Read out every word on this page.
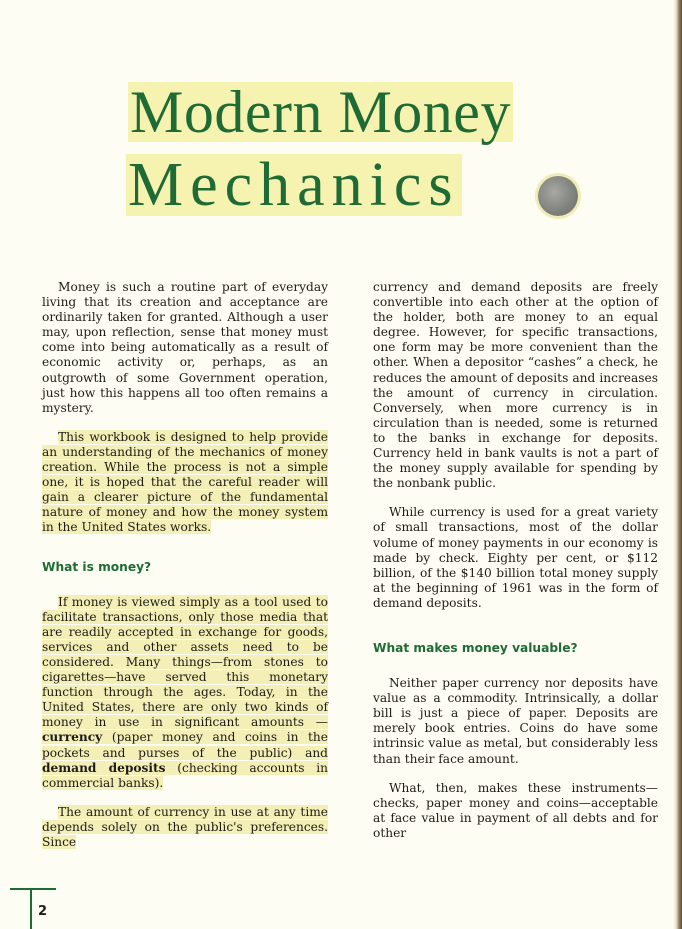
Modern Money
Mechanics

Money is such a routine part of everyday living that its creation and acceptance are ordinarily taken for granted. Although a user may, upon reflection, sense that money must come into being automatically as a result of economic activity or, perhaps, as an outgrowth of some Government operation, just how this happens all too often remains a mystery.

This workbook is designed to help provide an understanding of the mechanics of money creation. While the process is not a simple one, it is hoped that the careful reader will gain a clearer picture of the fundamental nature of money and how the money system in the United States works.

What is money?

If money is viewed simply as a tool used to facilitate transactions, only those media that are readily accepted in exchange for goods, services and other assets need to be considered. Many things—from stones to cigarettes—have served this monetary function through the ages. Today, in the United States, there are only two kinds of money in use in significant amounts —currency (paper money and coins in the pockets and purses of the public) and demand deposits (checking accounts in commercial banks).

The amount of currency in use at any time depends solely on the public's preferences. Since

currency and demand deposits are freely convertible into each other at the option of the holder, both are money to an equal degree. However, for specific transactions, one form may be more convenient than the other. When a depositor “cashes” a check, he reduces the amount of deposits and increases the amount of currency in circulation. Conversely, when more currency is in circulation than is needed, some is returned to the banks in exchange for deposits. Currency held in bank vaults is not a part of the money supply available for spending by the nonbank public.

While currency is used for a great variety of small transactions, most of the dollar volume of money payments in our economy is made by check. Eighty per cent, or $112 billion, of the $140 billion total money supply at the beginning of 1961 was in the form of demand deposits.

What makes money valuable?

Neither paper currency nor deposits have value as a commodity. Intrinsically, a dollar bill is just a piece of paper. Deposits are merely book entries. Coins do have some intrinsic value as metal, but considerably less than their face amount.

What, then, makes these instruments—checks, paper money and coins—acceptable at face value in payment of all debts and for other

2
